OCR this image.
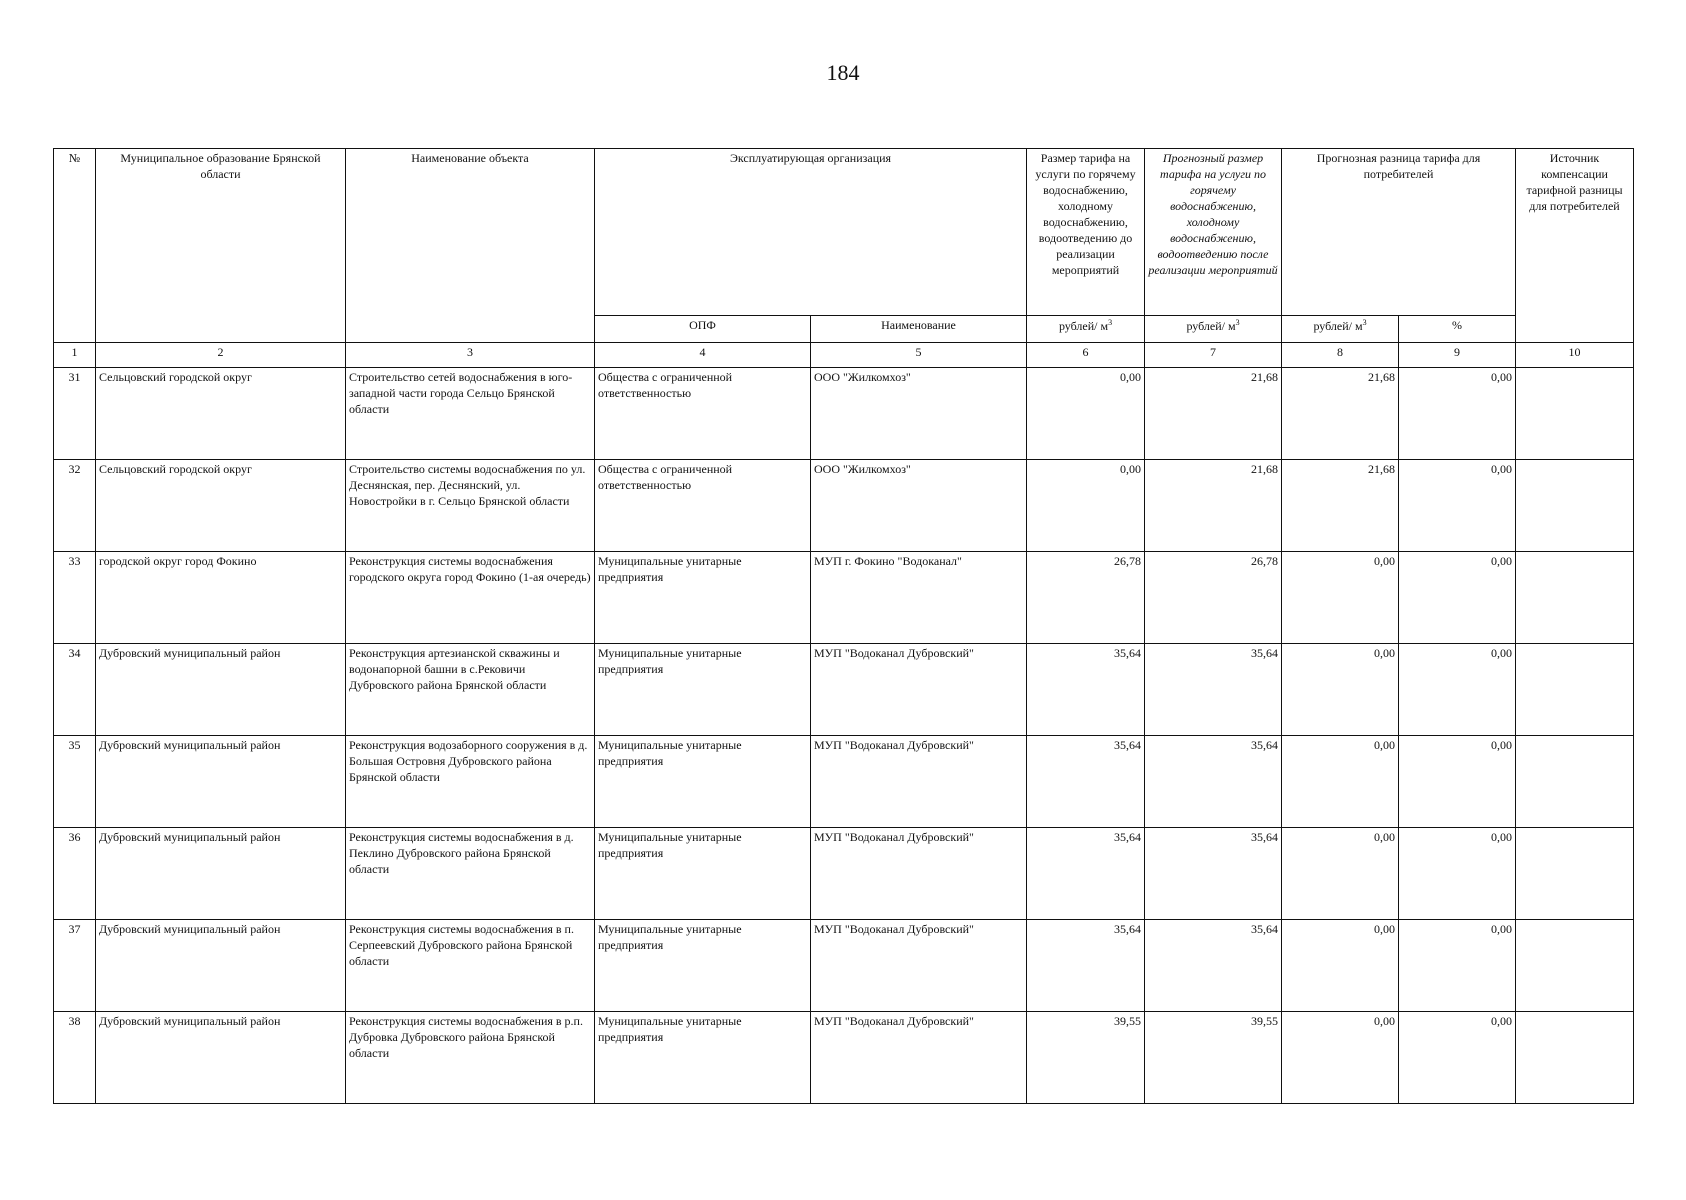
184
№	Муниципальное образование Брянской области	Наименование объекта	Эксплуатирующая организация		Размер тарифа на услуги по горячему водоснабжению, холодному водоснабжению, водоотведению до реализации мероприятий	Прогнозный размер тарифа на услуги по горячему водоснабжению, холодному водоснабжению, водоотведению после реализации мероприятий	Прогнозная разница тарифа для потребителей		Источник компенсации тарифной разницы для потребителей
			ОПФ	Наименование	рублей/ $м^3$	рублей/ $м^3$	рублей/ $м^3$	%	
1	2	3	4	5	6	7	8	9	10
31	Сельцовский городской округ	Строительство сетей водоснабжения в юго-западной части города Сельцо Брянской области	Общества с ограниченной ответственностью	ООО "Жилкомхоз"	0,00	21,68	21,68	0,00	
32	Сельцовский городской округ	Строительство системы водоснабжения по ул. Деснянская, пер. Деснянский, ул. Новостройки в г. Сельцо Брянской области	Общества с ограниченной ответственностью	ООО "Жилкомхоз"	0,00	21,68	21,68	0,00	
33	городской округ город Фокино	Реконструкция системы водоснабжения городского округа город Фокино (1-ая очередь)	Муниципальные унитарные предприятия	МУП г. Фокино "Водоканал"	26,78	26,78	0,00	0,00	
34	Дубровский муниципальный район	Реконструкция артезианской скважины и водонапорной башни в с.Рековичи Дубровского района Брянской области	Муниципальные унитарные предприятия	МУП "Водоканал Дубровский"	35,64	35,64	0,00	0,00	
35	Дубровский муниципальный район	Реконструкция водозаборного сооружения в д. Большая Островня Дубровского района Брянской области	Муниципальные унитарные предприятия	МУП "Водоканал Дубровский"	35,64	35,64	0,00	0,00	
36	Дубровский муниципальный район	Реконструкция системы водоснабжения в д. Пеклино Дубровского района Брянской области	Муниципальные унитарные предприятия	МУП "Водоканал Дубровский"	35,64	35,64	0,00	0,00	
37	Дубровский муниципальный район	Реконструкция системы водоснабжения в п. Серпеевский Дубровского района Брянской области	Муниципальные унитарные предприятия	МУП "Водоканал Дубровский"	35,64	35,64	0,00	0,00	
38	Дубровский муниципальный район	Реконструкция системы водоснабжения в р.п. Дубровка Дубровского района Брянской области	Муниципальные унитарные предприятия	МУП "Водоканал Дубровский"	39,55	39,55	0,00	0,00	
